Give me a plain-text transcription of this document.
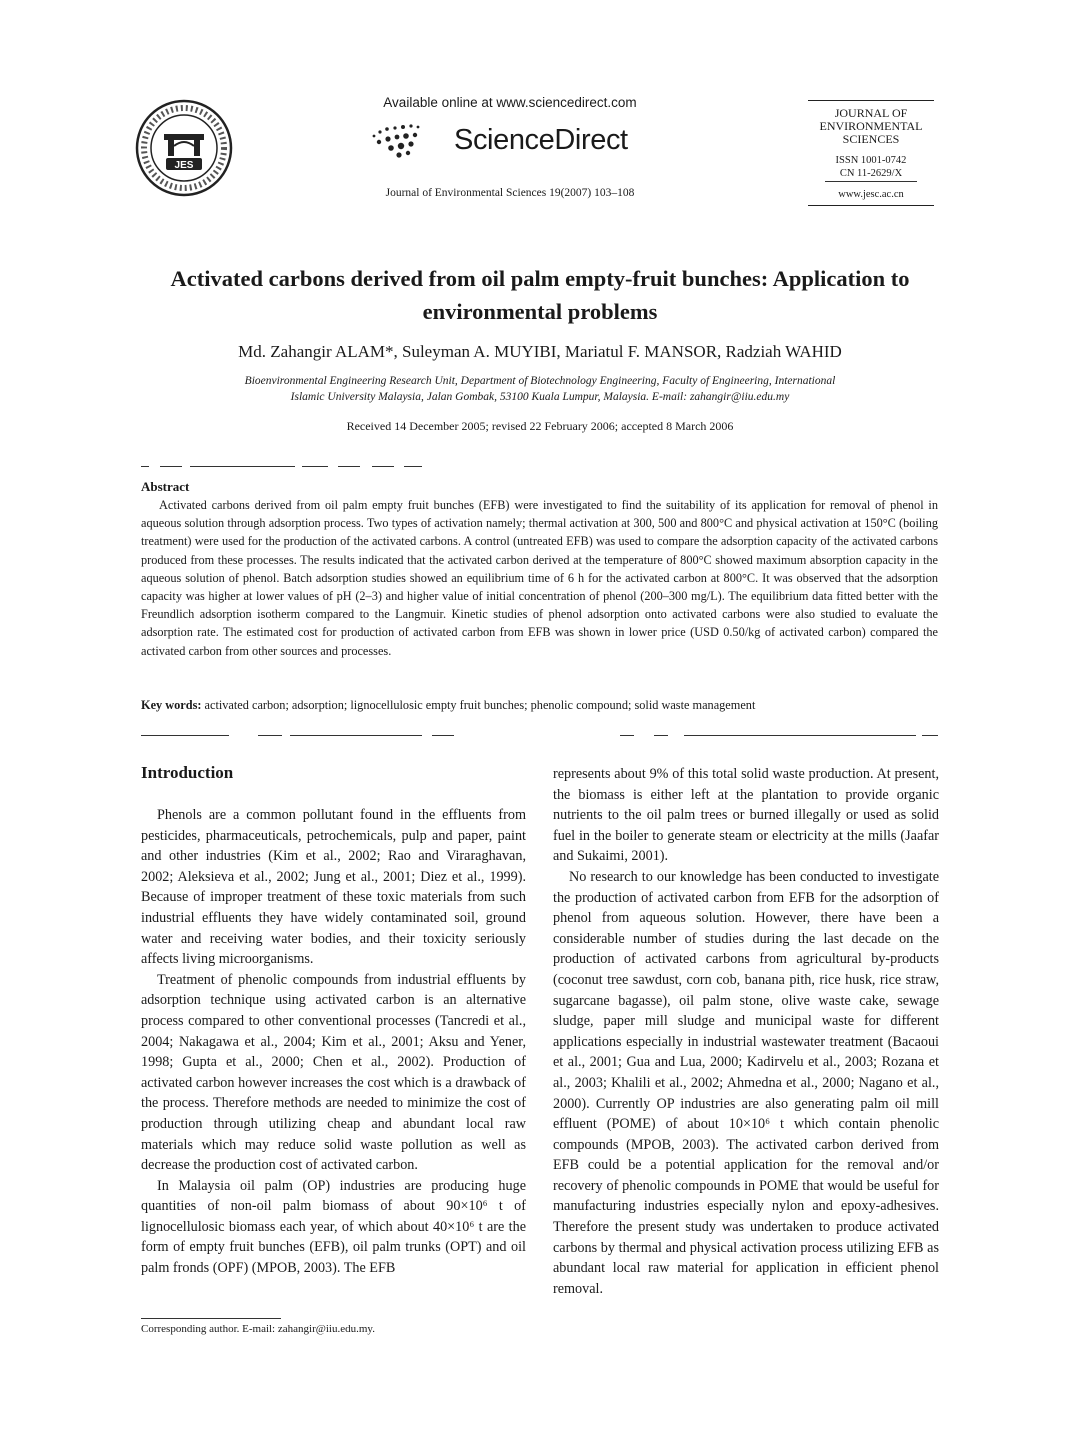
JES
Available online at www.sciencedirect.com
ScienceDirect
Journal of Environmental Sciences 19(2007) 103–108
JOURNAL OF
ENVIRONMENTAL
SCIENCES
ISSN 1001-0742
CN 11-2629/X
www.jesc.ac.cn
Activated carbons derived from oil palm empty-fruit bunches: Application to
environmental problems
Md. Zahangir ALAM*, Suleyman A. MUYIBI, Mariatul F. MANSOR, Radziah WAHID
Bioenvironmental Engineering Research Unit, Department of Biotechnology Engineering, Faculty of Engineering, International
Islamic University Malaysia, Jalan Gombak, 53100 Kuala Lumpur, Malaysia. E-mail: zahangir@iiu.edu.my
Received 14 December 2005; revised 22 February 2006; accepted 8 March 2006
Abstract

Activated carbons derived from oil palm empty fruit bunches (EFB) were investigated to find the suitability of its application for removal of phenol in aqueous solution through adsorption process. Two types of activation namely; thermal activation at 300, 500 and 800°C and physical activation at 150°C (boiling treatment) were used for the production of the activated carbons. A control (untreated EFB) was used to compare the adsorption capacity of the activated carbons produced from these processes. The results indicated that the activated carbon derived at the temperature of 800°C showed maximum absorption capacity in the aqueous solution of phenol. Batch adsorption studies showed an equilibrium time of 6 h for the activated carbon at 800°C. It was observed that the adsorption capacity was higher at lower values of pH (2–3) and higher value of initial concentration of phenol (200–300 mg/L). The equilibrium data fitted better with the Freundlich adsorption isotherm compared to the Langmuir. Kinetic studies of phenol adsorption onto activated carbons were also studied to evaluate the adsorption rate. The estimated cost for production of activated carbon from EFB was shown in lower price (USD 0.50/kg of activated carbon) compared the activated carbon from other sources and processes.

Key words: activated carbon; adsorption; lignocellulosic empty fruit bunches; phenolic compound; solid waste management
Introduction

Phenols are a common pollutant found in the effluents from pesticides, pharmaceuticals, petrochemicals, pulp and paper, paint and other industries (Kim et al., 2002; Rao and Viraraghavan, 2002; Aleksieva et al., 2002; Jung et al., 2001; Diez et al., 1999). Because of improper treatment of these toxic materials from such industrial effluents they have widely contaminated soil, ground water and receiving water bodies, and their toxicity seriously affects living microorganisms.

Treatment of phenolic compounds from industrial effluents by adsorption technique using activated carbon is an alternative process compared to other conventional processes (Tancredi et al., 2004; Nakagawa et al., 2004; Kim et al., 2001; Aksu and Yener, 1998; Gupta et al., 2000; Chen et al., 2002). Production of activated carbon however increases the cost which is a drawback of the process. Therefore methods are needed to minimize the cost of production through utilizing cheap and abundant local raw materials which may reduce solid waste pollution as well as decrease the production cost of activated carbon.

In Malaysia oil palm (OP) industries are producing huge quantities of non-oil palm biomass of about 90×10⁶ t of lignocellulosic biomass each year, of which about 40×10⁶ t are the form of empty fruit bunches (EFB), oil palm trunks (OPT) and oil palm fronds (OPF) (MPOB, 2003). The EFB

represents about 9% of this total solid waste production. At present, the biomass is either left at the plantation to provide organic nutrients to the oil palm trees or burned illegally or used as solid fuel in the boiler to generate steam or electricity at the mills (Jaafar and Sukaimi, 2001).

No research to our knowledge has been conducted to investigate the production of activated carbon from EFB for the adsorption of phenol from aqueous solution. However, there have been a considerable number of studies during the last decade on the production of activated carbons from agricultural by-products (coconut tree sawdust, corn cob, banana pith, rice husk, rice straw, sugarcane bagasse), oil palm stone, olive waste cake, sewage sludge, paper mill sludge and municipal waste for different applications especially in industrial wastewater treatment (Bacaoui et al., 2001; Gua and Lua, 2000; Kadirvelu et al., 2003; Rozana et al., 2003; Khalili et al., 2002; Ahmedna et al., 2000; Nagano et al., 2000). Currently OP industries are also generating palm oil mill effluent (POME) of about 10×10⁶ t which contain phenolic compounds (MPOB, 2003). The activated carbon derived from EFB could be a potential application for the removal and/or recovery of phenolic compounds in POME that would be useful for manufacturing industries especially nylon and epoxy-adhesives. Therefore the present study was undertaken to produce activated carbons by thermal and physical activation process utilizing EFB as abundant local raw material for application in efficient phenol removal.

Corresponding author. E-mail: zahangir@iiu.edu.my.
